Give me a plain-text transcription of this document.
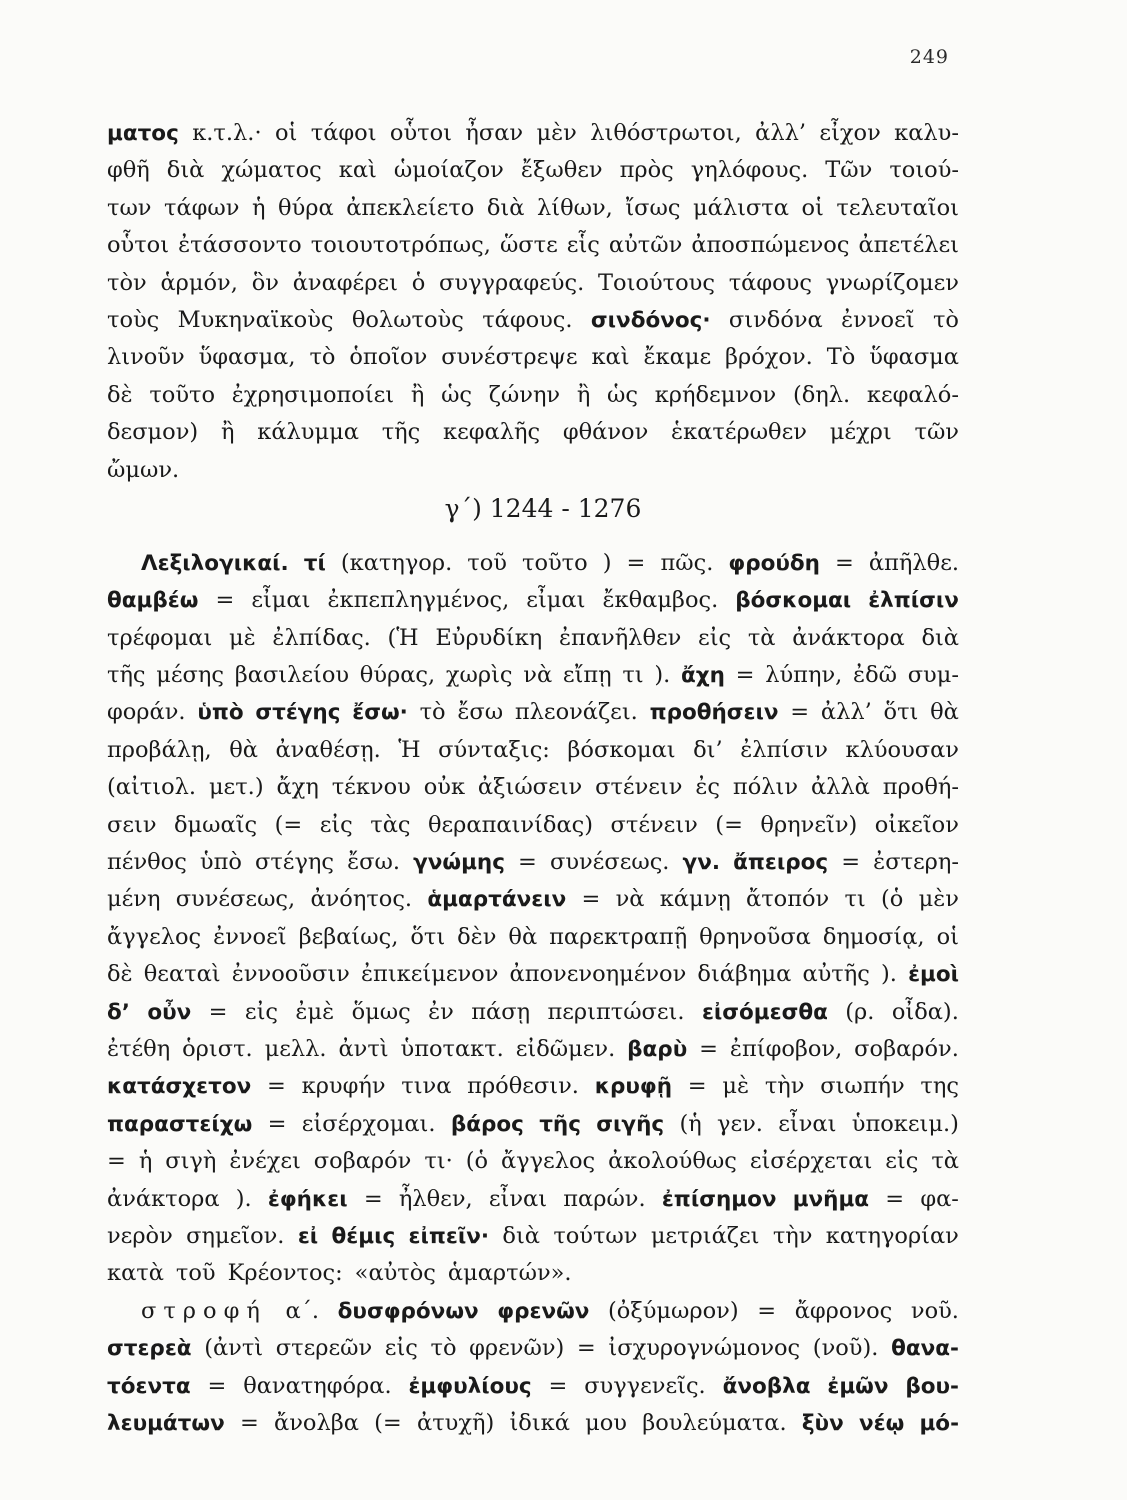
249
ματος κ.τ.λ.· οἱ τάφοι οὗτοι ἦσαν μὲν λιθόστρωτοι, ἀλλ’ εἶχον καλυ-
φθῆ διὰ χώματος καὶ ὡμοίαζον ἔξωθεν πρὸς γηλόφους. Τῶν τοιού-
των τάφων ἡ θύρα ἀπεκλείετο διὰ λίθων, ἴσως μάλιστα οἱ τελευταῖοι
οὗτοι ἐτάσσοντο τοιουτοτρόπως, ὥστε εἷς αὐτῶν ἀποσπώμενος ἀπετέλει
τὸν ἁρμόν, ὃν ἀναφέρει ὁ συγγραφεύς. Τοιούτους τάφους γνωρίζομεν
τοὺς Μυκηναϊκοὺς θολωτοὺς τάφους. σινδόνος· σινδόνα ἐννοεῖ τὸ
λινοῦν ὕφασμα, τὸ ὁποῖον συνέστρεψε καὶ ἔκαμε βρόχον. Τὸ ὕφασμα
δὲ τοῦτο ἐχρησιμοποίει ἢ ὡς ζώνην ἢ ὡς κρήδεμνον (δηλ. κεφαλό-
δεσμον) ἢ κάλυμμα τῆς κεφαλῆς φθάνον ἑκατέρωθεν μέχρι τῶν
ὤμων.
γ΄) 1244 - 1276
Λεξιλογικαί. τί (κατηγορ. τοῦ τοῦτο ) = πῶς. φρούδη = ἀπῆλθε.
θαμβέω = εἶμαι ἐκπεπληγμένος, εἶμαι ἔκθαμβος. βόσκομαι ἐλπίσιν
τρέφομαι μὲ ἐλπίδας. (Ἡ Εὐρυδίκη ἐπανῆλθεν εἰς τὰ ἀνάκτορα διὰ
τῆς μέσης βασιλείου θύρας, χωρὶς νὰ εἴπῃ τι ). ἄχη = λύπην, ἐδῶ συμ-
φοράν. ὑπὸ στέγης ἔσω· τὸ ἔσω πλεονάζει. προθήσειν = ἀλλ’ ὅτι θὰ
προβάλῃ, θὰ ἀναθέσῃ. Ἡ σύνταξις: βόσκομαι δι’ ἐλπίσιν κλύουσαν
(αἰτιολ. μετ.) ἄχη τέκνου οὐκ ἀξιώσειν στένειν ἐς πόλιν ἀλλὰ προθή-
σειν δμωαῖς (= εἰς τὰς θεραπαινίδας) στένειν (= θρηνεῖν) οἰκεῖον
πένθος ὑπὸ στέγης ἔσω. γνώμης = συνέσεως. γν. ἄπειρος = ἐστερη-
μένη συνέσεως, ἀνόητος. ἁμαρτάνειν = νὰ κάμνῃ ἄτοπόν τι (ὁ μὲν
ἄγγελος ἐννοεῖ βεβαίως, ὅτι δὲν θὰ παρεκτραπῇ θρηνοῦσα δημοσίᾳ, οἱ
δὲ θεαταὶ ἐννοοῦσιν ἐπικείμενον ἀπονενοημένον διάβημα αὐτῆς ). ἐμοὶ
δ’ οὖν = εἰς ἐμὲ ὅμως ἐν πάσῃ περιπτώσει. εἰσόμεσθα (ρ. οἶδα).
ἐτέθη ὁριστ. μελλ. ἀντὶ ὑποτακτ. εἰδῶμεν. βαρὺ = ἐπίφοβον, σοβαρόν.
κατάσχετον = κρυφήν τινα πρόθεσιν. κρυφῇ = μὲ τὴν σιωπήν της
παραστείχω = εἰσέρχομαι. βάρος τῆς σιγῆς (ἡ γεν. εἶναι ὑποκειμ.)
= ἡ σιγὴ ἐνέχει σοβαρόν τι· (ὁ ἄγγελος ἀκολούθως εἰσέρχεται εἰς τὰ
ἀνάκτορα ). ἐφήκει = ἦλθεν, εἶναι παρών. ἐπίσημον μνῆμα = φα-
νερὸν σημεῖον. εἰ θέμις εἰπεῖν· διὰ τούτων μετριάζει τὴν κατηγορίαν
κατὰ τοῦ Κρέοντος: «αὐτὸς ἁμαρτών».
στροφή α΄. δυσφρόνων φρενῶν (ὀξύμωρον) = ἄφρονος νοῦ.
στερεὰ (ἀντὶ στερεῶν εἰς τὸ φρενῶν) = ἰσχυρογνώμονος (νοῦ). θανα-
τόεντα = θανατηφόρα. ἐμφυλίους = συγγενεῖς. ἄνοβλα ἐμῶν βου-
λευμάτων = ἄνολβα (= ἀτυχῆ) ἰδικά μου βουλεύματα. ξὺν νέῳ μό-
